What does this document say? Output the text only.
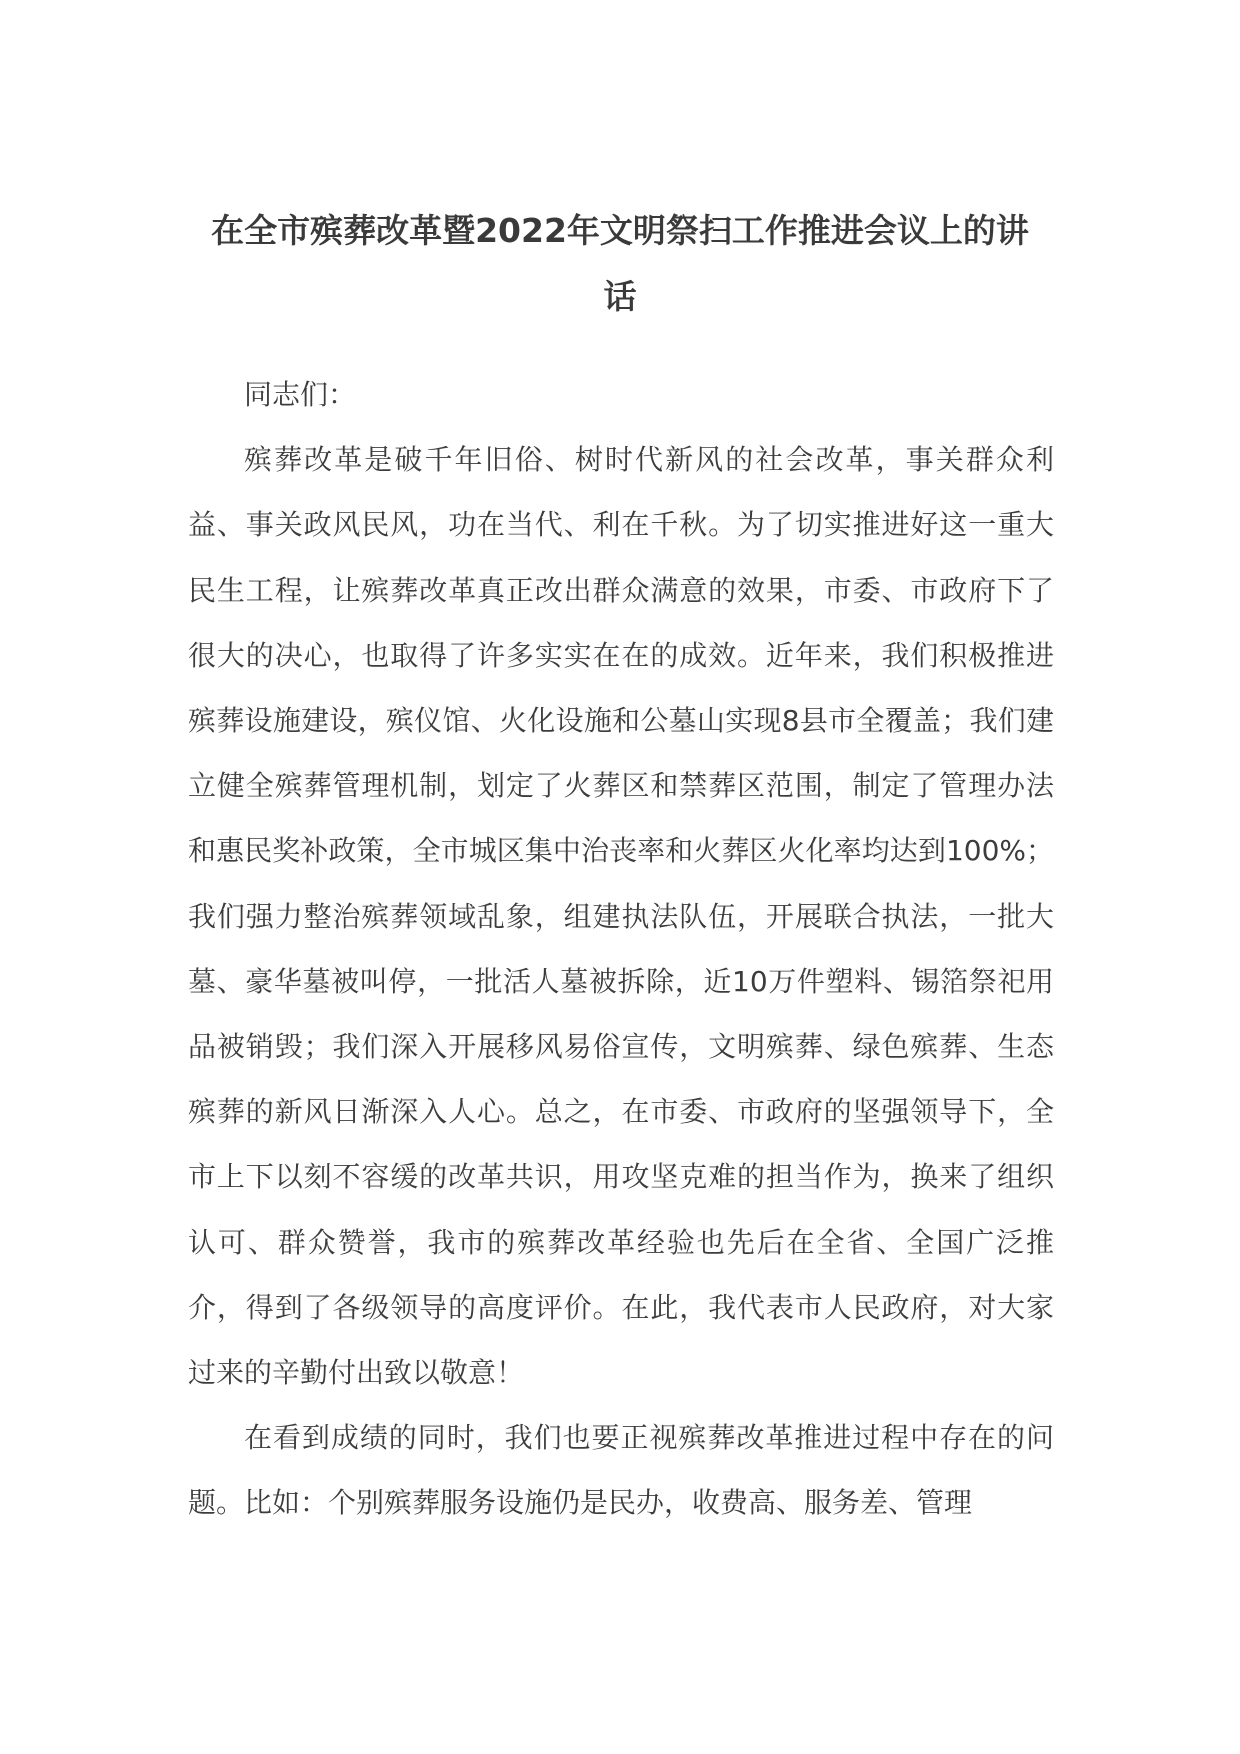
在全市殡葬改革暨2022年文明祭扫工作推进会议上的讲
话

同志们：

殡葬改革是破千年旧俗、树时代新风的社会改革，事关群众利益、事关政风民风，功在当代、利在千秋。为了切实推进好这一重大民生工程，让殡葬改革真正改出群众满意的效果，市委、市政府下了很大的决心，也取得了许多实实在在的成效。近年来，我们积极推进殡葬设施建设，殡仪馆、火化设施和公墓山实现8县市全覆盖；我们建立健全殡葬管理机制，划定了火葬区和禁葬区范围，制定了管理办法和惠民奖补政策，全市城区集中治丧率和火葬区火化率均达到100%；我们强力整治殡葬领域乱象，组建执法队伍，开展联合执法，一批大墓、豪华墓被叫停，一批活人墓被拆除，近10万件塑料、锡箔祭祀用品被销毁；我们深入开展移风易俗宣传，文明殡葬、绿色殡葬、生态殡葬的新风日渐深入人心。总之，在市委、市政府的坚强领导下，全市上下以刻不容缓的改革共识，用攻坚克难的担当作为，换来了组织认可、群众赞誉，我市的殡葬改革经验也先后在全省、全国广泛推介，得到了各级领导的高度评价。在此，我代表市人民政府，对大家过来的辛勤付出致以敬意！

在看到成绩的同时，我们也要正视殡葬改革推进过程中存在的问题。比如：个别殡葬服务设施仍是民办，收费高、服务差、管理
